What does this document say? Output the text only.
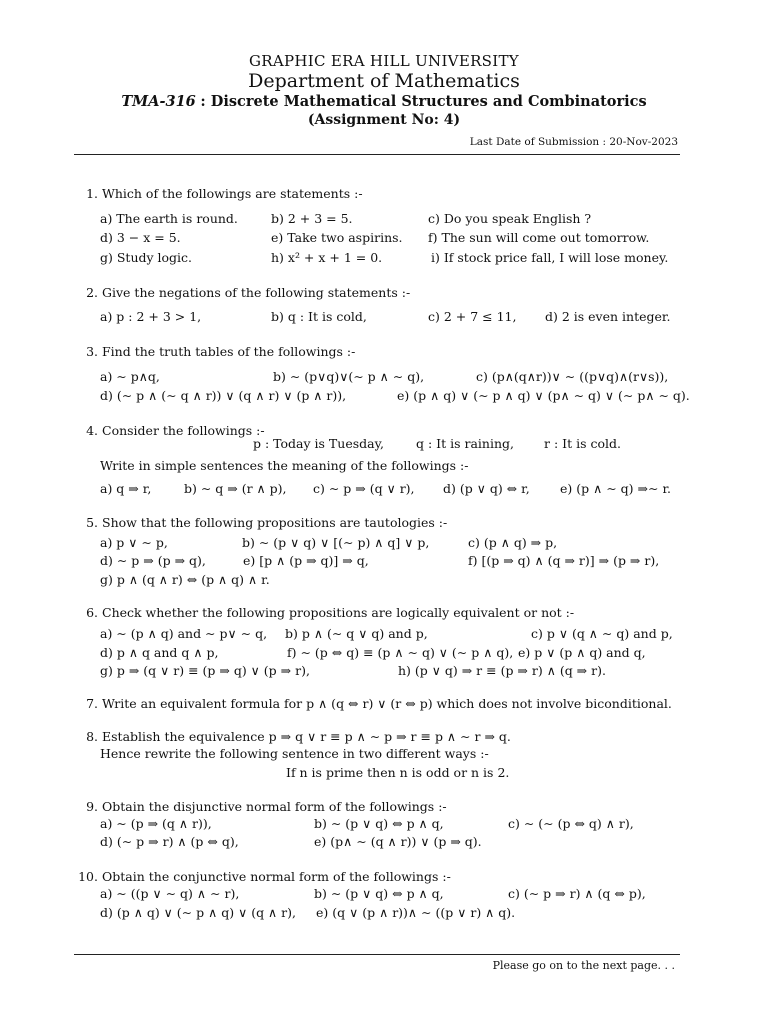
GRAPHIC ERA HILL UNIVERSITY
Department of Mathematics
TMA-316 : Discrete Mathematical Structures and Combinatorics
(Assignment No: 4)
Last Date of Submission : 20-Nov-2023
1. Which of the followings are statements :-
a) The earth is round.	b) 2 + 3 = 5.	c) Do you speak English ?
d) 3 − x = 5.	e) Take two aspirins. f) The sun will come out tomorrow.
g) Study logic.	h) x² + x + 1 = 0.	i) If stock price fall, I will lose money.
2. Give the negations of the following statements :-
a) p : 2 + 3 > 1,	b) q : It is cold,	c) 2 + 7 ≤ 11, d) 2 is even integer.
3. Find the truth tables of the followings :-
a) ∼ p∧q,	b) ∼ (p∨q)∨(∼ p ∧ ∼ q),	c) (p∧(q∧r))∨ ∼ ((p∨q)∧(r∨s)),
d) (∼ p ∧ (∼ q ∧ r)) ∨ (q ∧ r) ∨ (p ∧ r)),	e) (p ∧ q) ∨ (∼ p ∧ q) ∨ (p∧ ∼ q) ∨ (∼ p∧ ∼ q).
4. Consider the followings :-
p : Today is Tuesday,	q : It is raining, r : It is cold.
Write in simple sentences the meaning of the followings :-
a) q ⇒ r,	b) ∼ q ⇒ (r ∧ p), c) ∼ p ⇒ (q ∨ r), d) (p ∨ q) ⇔ r, e) (p ∧ ∼ q) ⇒∼ r.
5. Show that the following propositions are tautologies :-
a) p ∨ ∼ p,	b) ∼ (p ∨ q) ∨ [(∼ p) ∧ q] ∨ p,	c) (p ∧ q) ⇒ p,
d) ∼ p ⇒ (p ⇒ q),	e) [p ∧ (p ⇒ q)] ⇒ q,	f) [(p ⇒ q) ∧ (q ⇒ r)] ⇒ (p ⇒ r),
g) p ∧ (q ∧ r) ⇔ (p ∧ q) ∧ r.
6. Check whether the following propositions are logically equivalent or not :-
a) ∼ (p ∧ q) and ∼ p∨ ∼ q, b) p ∧ (∼ q ∨ q) and p,	c) p ∨ (q ∧ ∼ q) and p,
d) p ∧ q and q ∧ p,	f) ∼ (p ⇔ q) ≡ (p ∧ ∼ q) ∨ (∼ p ∧ q), e) p ∨ (p ∧ q) and q,
g) p ⇒ (q ∨ r) ≡ (p ⇒ q) ∨ (p ⇒ r),	h) (p ∨ q) ⇒ r ≡ (p ⇒ r) ∧ (q ⇒ r).
7. Write an equivalent formula for p ∧ (q ⇔ r) ∨ (r ⇔ p) which does not involve biconditional.
8. Establish the equivalence p ⇒ q ∨ r ≡ p ∧ ∼ p ⇒ r ≡ p ∧ ∼ r ⇒ q.
Hence rewrite the following sentence in two different ways :-
If n is prime then n is odd or n is 2.
9. Obtain the disjunctive normal form of the followings :-
a) ∼ (p ⇒ (q ∧ r)),	b) ∼ (p ∨ q) ⇔ p ∧ q,	c) ∼ (∼ (p ⇔ q) ∧ r),
d) (∼ p ⇒ r) ∧ (p ⇔ q),	e) (p∧ ∼ (q ∧ r)) ∨ (p ⇒ q).
10. Obtain the conjunctive normal form of the followings :-
a) ∼ ((p ∨ ∼ q) ∧ ∼ r),	b) ∼ (p ∨ q) ⇔ p ∧ q,	c) (∼ p ⇒ r) ∧ (q ⇔ p),
d) (p ∧ q) ∨ (∼ p ∧ q) ∨ (q ∧ r), e) (q ∨ (p ∧ r))∧ ∼ ((p ∨ r) ∧ q).
Please go on to the next page. . .
